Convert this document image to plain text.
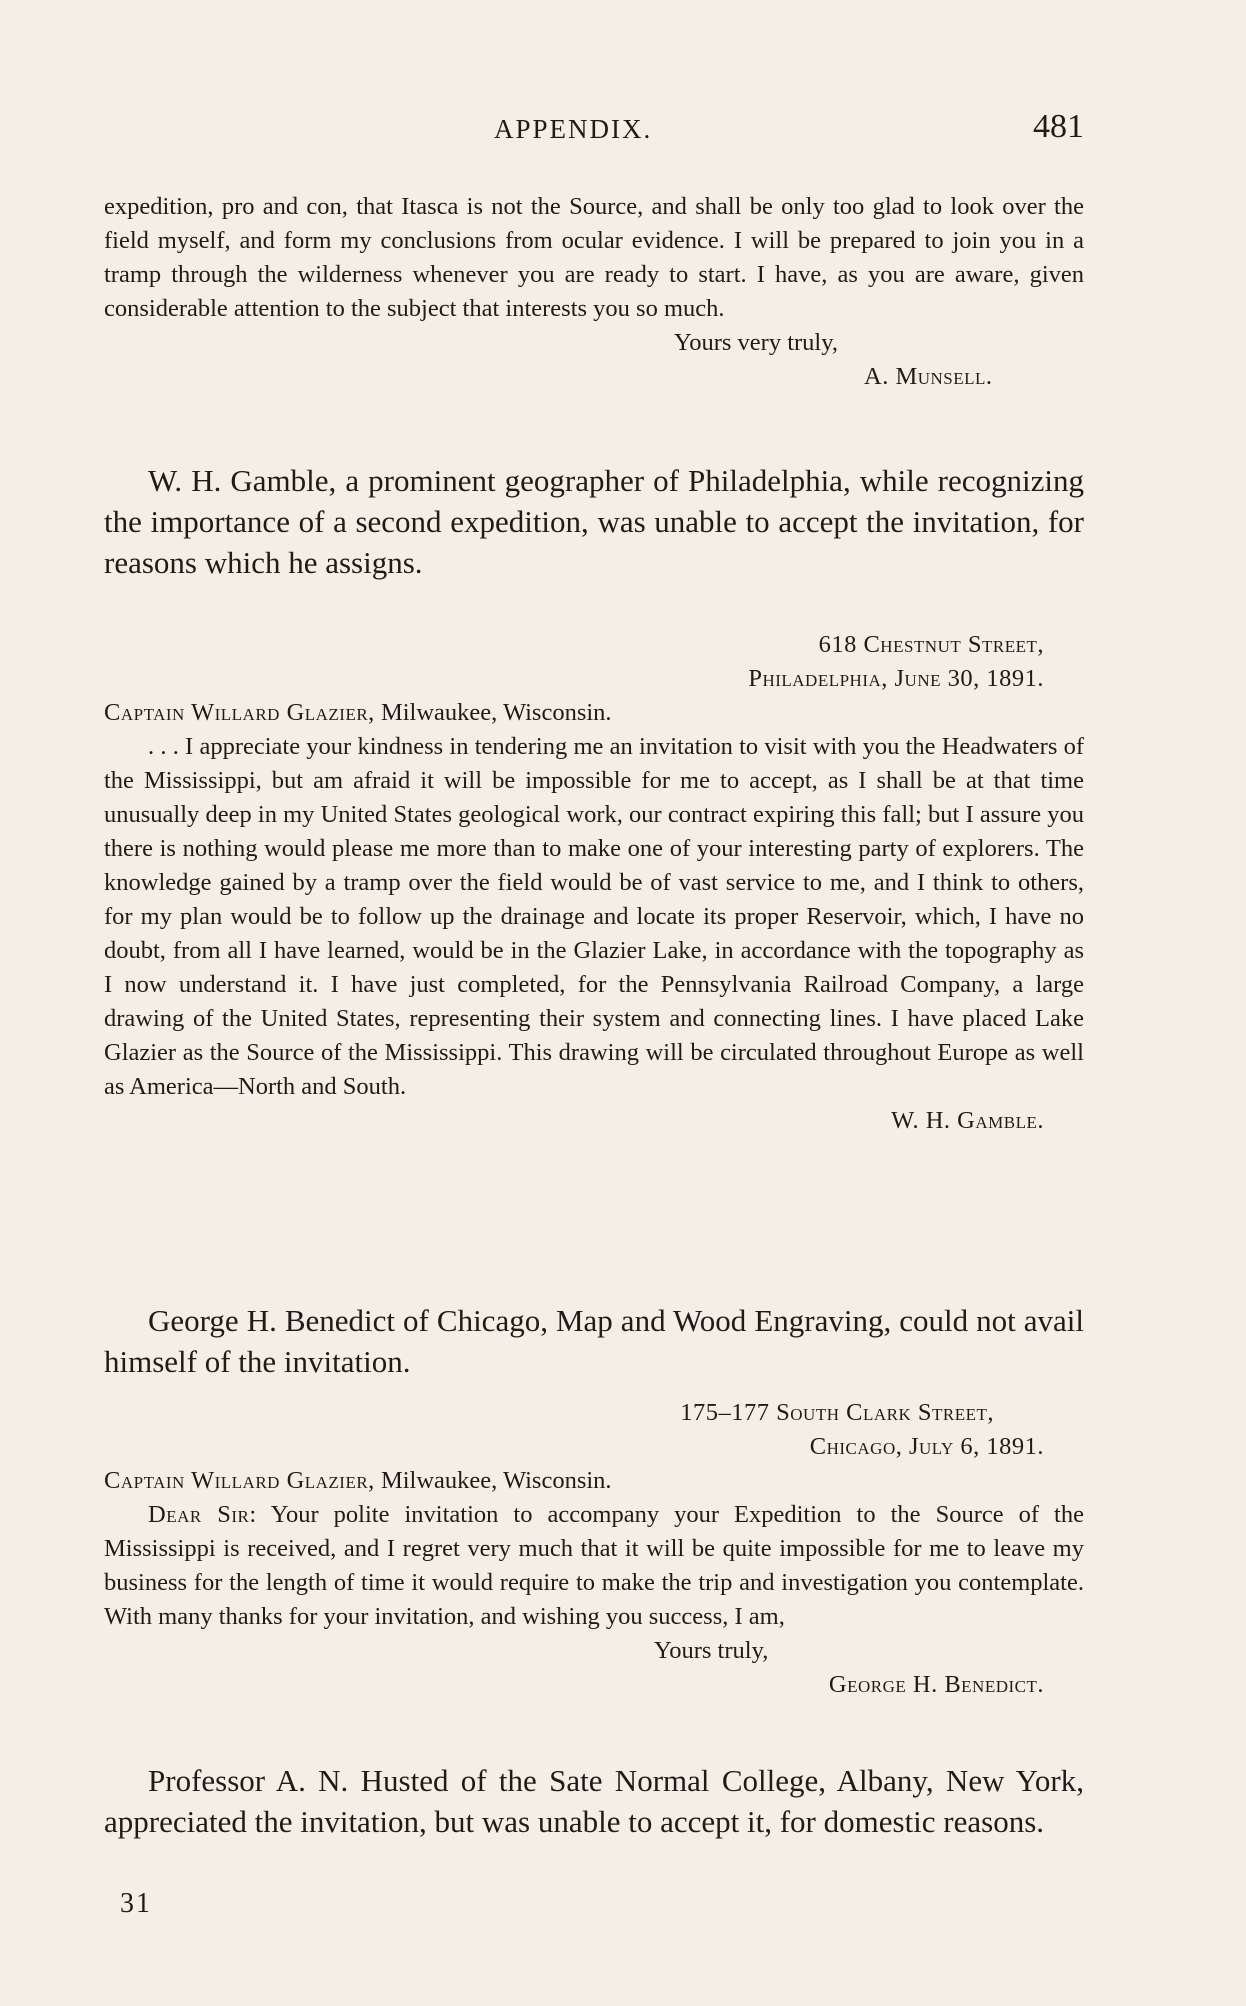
APPENDIX.	481

expedition, pro and con, that Itasca is not the Source, and shall be only too glad to look over the field myself, and form my conclusions from ocular evidence. I will be prepared to join you in a tramp through the wilderness whenever you are ready to start. I have, as you are aware, given considerable attention to the subject that interests you so much.

Yours very truly,

A. Munsell.

W. H. Gamble, a prominent geographer of Philadelphia, while recognizing the importance of a second expedition, was unable to accept the invitation, for reasons which he assigns.

618 Chestnut Street,

Philadelphia, June 30, 1891.

Captain Willard Glazier, Milwaukee, Wisconsin.

. . . I appreciate your kindness in tendering me an invitation to visit with you the Headwaters of the Mississippi, but am afraid it will be impossible for me to accept, as I shall be at that time unusually deep in my United States geological work, our contract expiring this fall; but I assure you there is nothing would please me more than to make one of your interesting party of explorers. The knowledge gained by a tramp over the field would be of vast service to me, and I think to others, for my plan would be to follow up the drainage and locate its proper Reservoir, which, I have no doubt, from all I have learned, would be in the Glazier Lake, in accordance with the topography as I now understand it. I have just completed, for the Pennsylvania Railroad Company, a large drawing of the United States, representing their system and connecting lines. I have placed Lake Glazier as the Source of the Mississippi. This drawing will be circulated throughout Europe as well as America—North and South.

W. H. Gamble.

George H. Benedict of Chicago, Map and Wood Engraving, could not avail himself of the invitation.

175–177 South Clark Street,

Chicago, July 6, 1891.

Captain Willard Glazier, Milwaukee, Wisconsin.

Dear Sir: Your polite invitation to accompany your Expedition to the Source of the Mississippi is received, and I regret very much that it will be quite impossible for me to leave my business for the length of time it would require to make the trip and investigation you contemplate. With many thanks for your invitation, and wishing you success, I am,

Yours truly,

George H. Benedict.

Professor A. N. Husted of the Sate Normal College, Albany, New York, appreciated the invitation, but was unable to accept it, for domestic reasons.

31
